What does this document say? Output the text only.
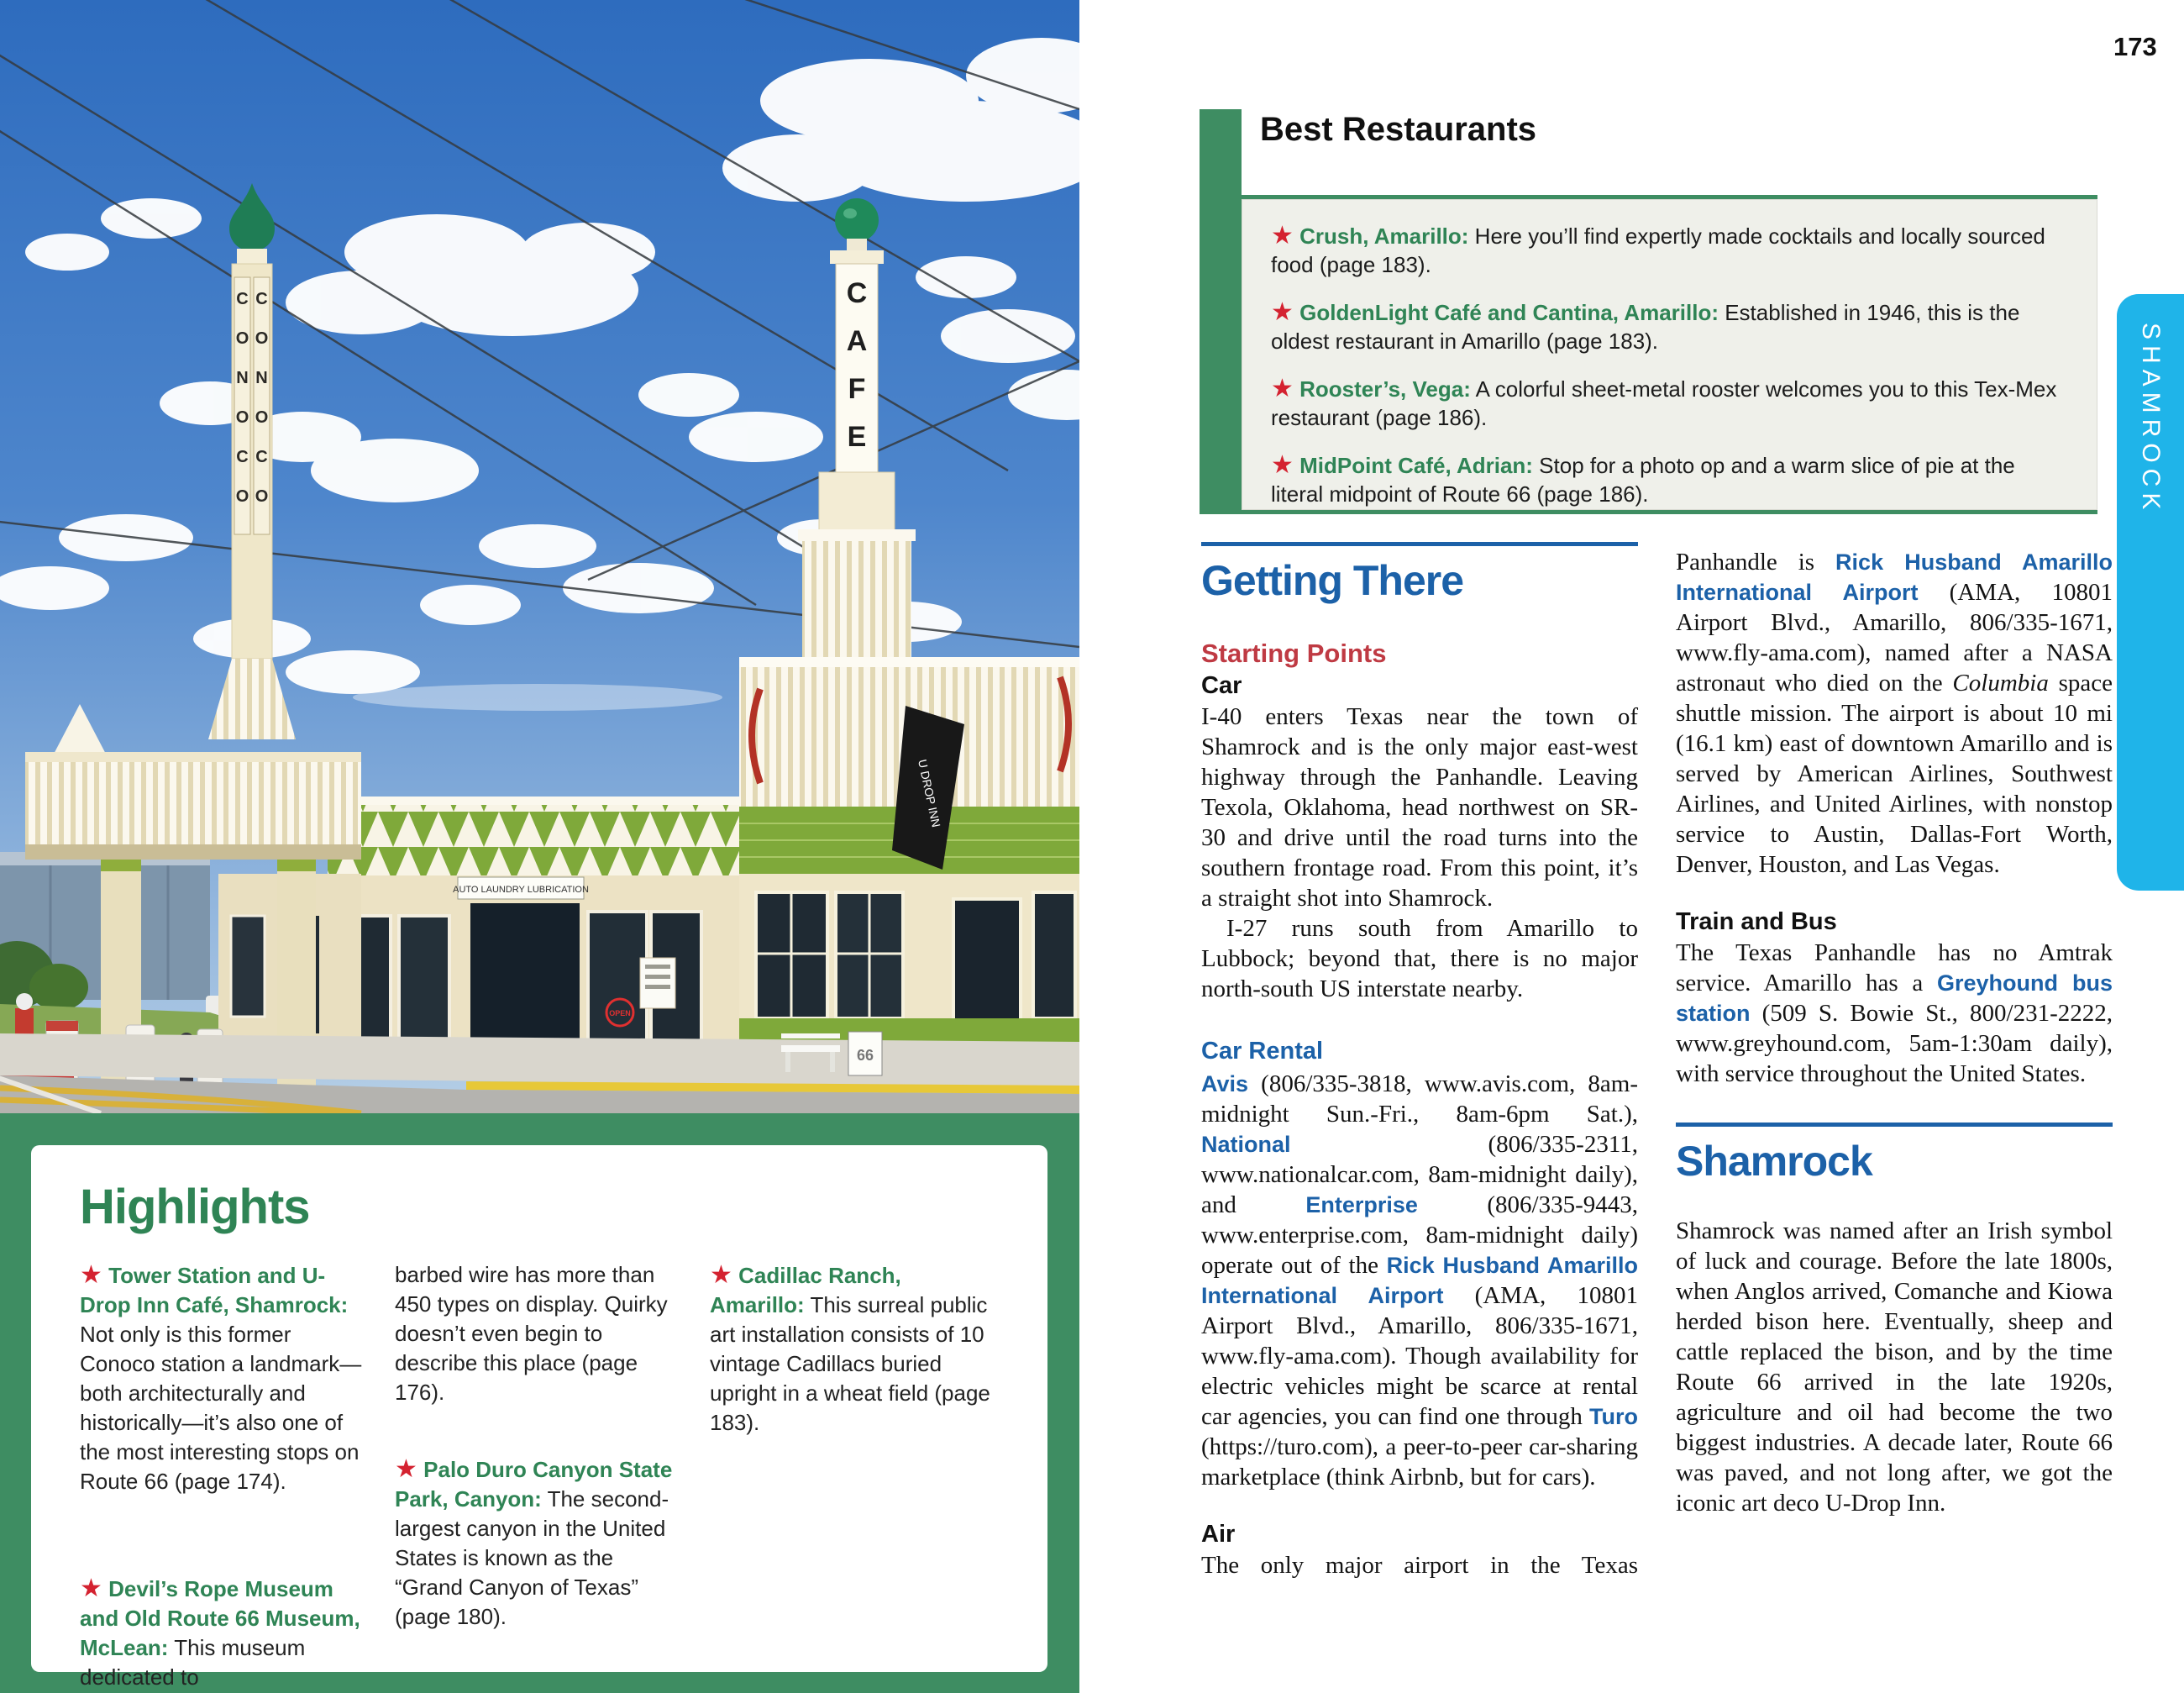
C O N O C O
C O N O C O
C A F E
AUTO LAUNDRY LUBRICATION
OPEN
U DROP INN
66
Highlights

★ Tower Station and U-Drop Inn Café, Shamrock: Not only is this former Conoco station a landmark—both architecturally and historically—it’s also one of the most interesting stops on Route 66 (page 174).

★ Devil’s Rope Museum and Old Route 66 Museum, McLean: This museum dedicated to

barbed wire has more than 450 types on display. Quirky doesn’t even begin to describe this place (page 176).

★ Palo Duro Canyon State Park, Canyon: The second-largest canyon in the United States is known as the “Grand Canyon of Texas” (page 180).

★ Cadillac Ranch, Amarillo: This surreal public art installation consists of 10 vintage Cadillacs buried upright in a wheat field (page 183).

Best Restaurants

★ Crush, Amarillo: Here you’ll find expertly made cocktails and locally sourced food (page 183).

★ GoldenLight Café and Cantina, Amarillo: Established in 1946, this is the oldest restaurant in Amarillo (page 183).

★ Rooster’s, Vega: A colorful sheet-metal rooster welcomes you to this Tex-Mex restaurant (page 186).

★ MidPoint Café, Adrian: Stop for a photo op and a warm slice of pie at the literal midpoint of Route 66 (page 186).

Getting There
Starting Points
Car

I-40 enters Texas near the town of Shamrock and is the only major east-west highway through the Panhandle. Leaving Texola, Oklahoma, head northwest on SR-30 and drive until the road turns into the southern frontage road. From this point, it’s a straight shot into Shamrock.

I-27 runs south from Amarillo to Lubbock; beyond that, there is no major north-south US interstate nearby.

Car Rental

Avis (806/335-3818, www.avis.com, 8am-midnight Sun.-Fri., 8am-6pm Sat.), National (806/335-2311, www.nationalcar.com, 8am-midnight daily), and Enterprise (806/335-9443, www.enterprise.com, 8am-midnight daily) operate out of the Rick Husband Amarillo International Airport (AMA, 10801 Airport Blvd., Amarillo, 806/335-1671, www.fly-ama.com). Though availability for electric vehicles might be scarce at rental car agencies, you can find one through Turo (https://turo.com), a peer-to-peer car-sharing marketplace (think Airbnb, but for cars).

Air

The only major airport in the Texas

Panhandle is Rick Husband Amarillo International Airport (AMA, 10801 Airport Blvd., Amarillo, 806/335-1671, www.fly-ama.com), named after a NASA astronaut who died on the Columbia space shuttle mission. The airport is about 10 mi (16.1 km) east of downtown Amarillo and is served by American Airlines, Southwest Airlines, and United Airlines, with nonstop service to Austin, Dallas-Fort Worth, Denver, Houston, and Las Vegas.

Train and Bus

The Texas Panhandle has no Amtrak service. Amarillo has a Greyhound bus station (509 S. Bowie St., 800/231-2222, www.greyhound.com, 5am-1:30am daily), with service throughout the United States.

Shamrock

Shamrock was named after an Irish symbol of luck and courage. Before the late 1800s, when Anglos arrived, Comanche and Kiowa herded bison here. Eventually, sheep and cattle replaced the bison, and by the time Route 66 arrived in the late 1920s, agriculture and oil had become the two biggest industries. A decade later, Route 66 was paved, and not long after, we got the iconic art deco U-Drop Inn.

173
SHAMROCK
